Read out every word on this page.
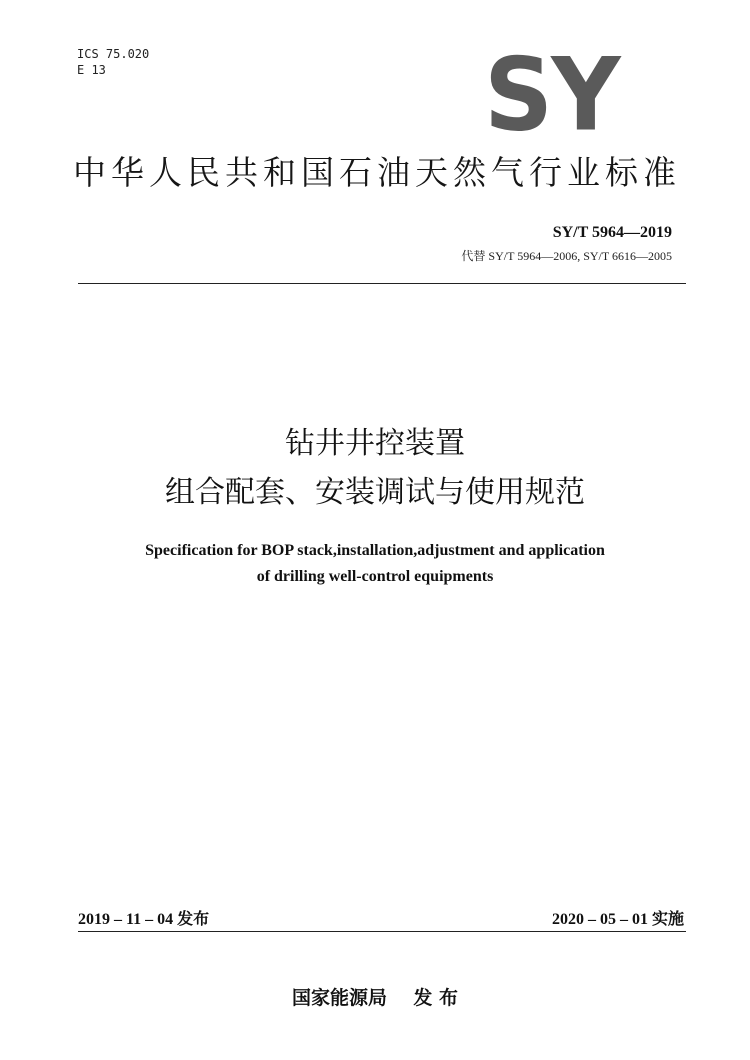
ICS 75.020
E 13	SY
中华人民共和国石油天然气行业标准
SY/T 5964—2019
代替 SY/T 5964—2006, SY/T 6616—2005
钻井井控装置
组合配套、安装调试与使用规范
Specification for BOP stack,installation,adjustment and application
of drilling well-control equipments
2019 – 11 – 04 发布	2020 – 05 – 01 实施
国家能源局 发 布
